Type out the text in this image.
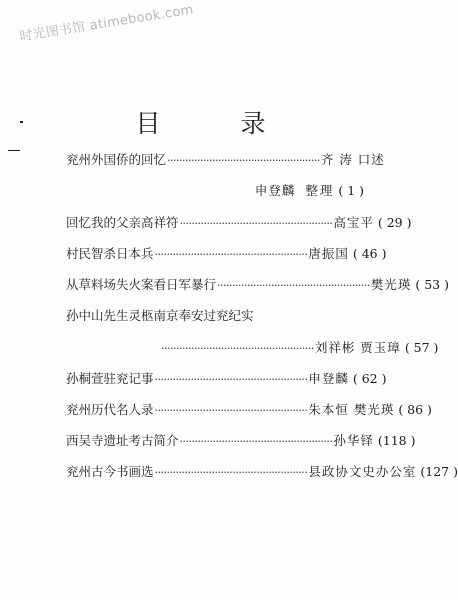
时光图书馆 atimebook.com
目 录
兖州外国侨的回忆 ··················································· 齐 涛 口述
申登麟 整理 ( 1 )
回忆我的父亲高祥符 ··················································· 高宝平 ( 29 )
村民智杀日本兵 ··················································· 唐振国 ( 46 )
从草料场失火案看日军暴行 ··················································· 樊光瑛 ( 53 )
孙中山先生灵柩南京奉安过兖纪实
··················································· 刘祥彬 贾玉璋 ( 57 )
孙桐萱驻兖记事 ··················································· 申登麟 ( 62 )
兖州历代名人录 ··················································· 朱本恒 樊光瑛 ( 86 )
西吴寺遗址考古简介 ··················································· 孙华铎 (118 )
兖州古今书画选 ··················································· 县政协文史办公室 (127 )
